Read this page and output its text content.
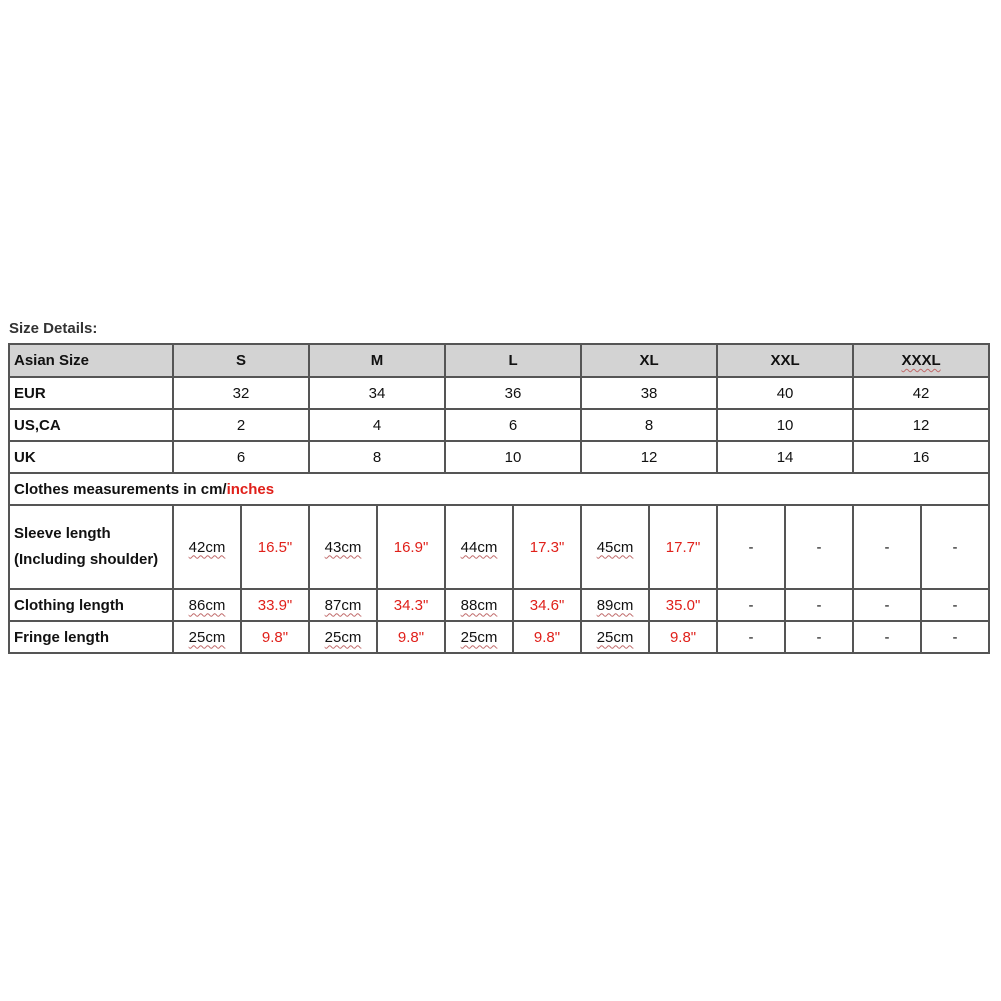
Size Details:

Asian Size	S		M		L		XL		XXL		XXXL	
EUR	32		34		36		38		40		42	
US,CA	2		4		6		8		10		12	
UK	6		8		10		12		14		16	
Clothes measurements in cm/inches												
Sleeve length (Including shoulder)	42cm	16.5"	43cm	16.9"	44cm	17.3"	45cm	17.7"	-	-	-	-
Clothing length	86cm	33.9"	87cm	34.3"	88cm	34.6"	89cm	35.0"	-	-	-	-
Fringe length	25cm	9.8"	25cm	9.8"	25cm	9.8"	25cm	9.8"	-	-	-	-
